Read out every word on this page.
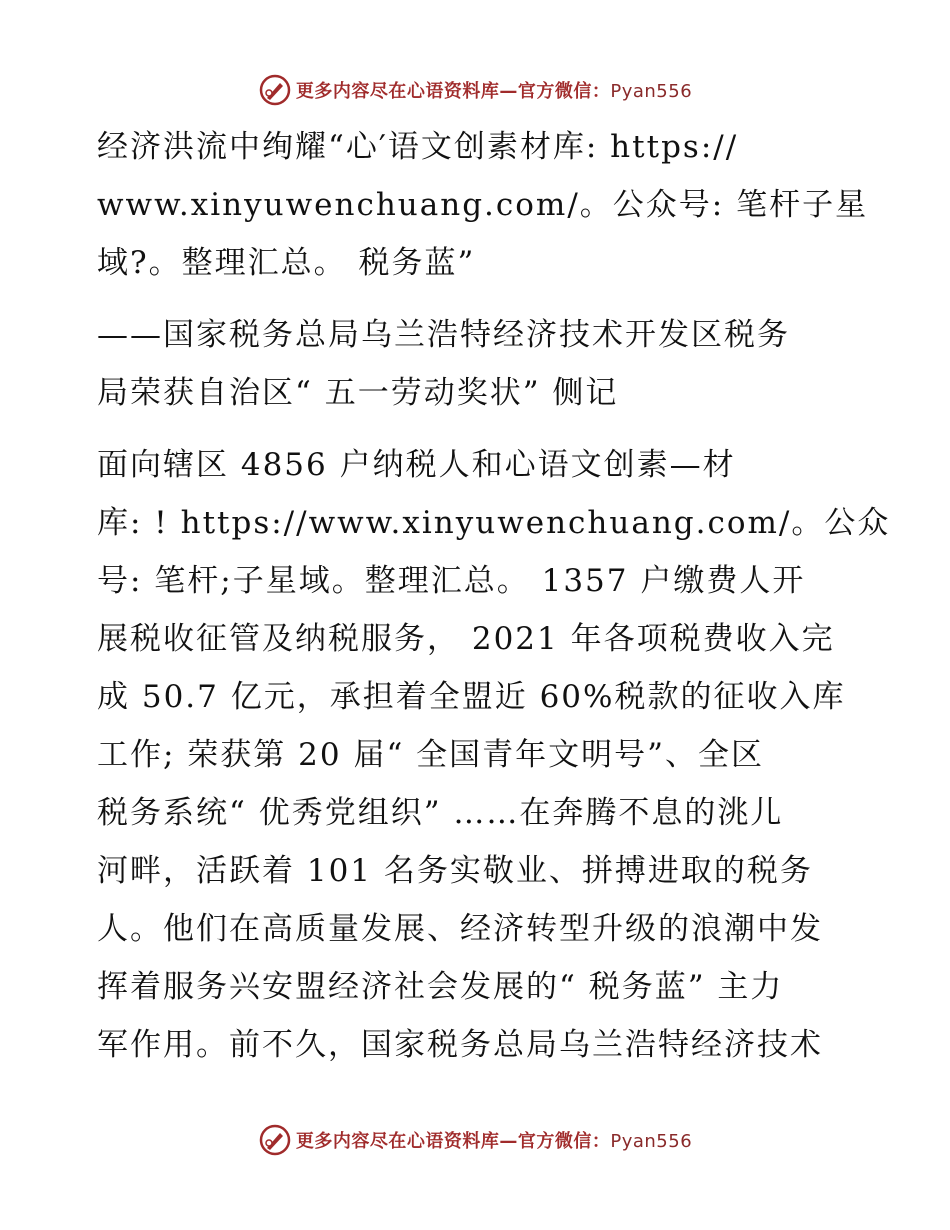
更多内容尽在心语资料库—官方微信：Pyan556
经济洪流中绚耀“心′语文创素材库: https://
www.xinyuwenchuang.com/。公众号: 笔杆子星
域?。整理汇总。 税务蓝”
——国家税务总局乌兰浩特经济技术开发区税务
局荣获自治区“ 五一劳动奖状” 侧记
面向辖区 4856 户纳税人和心语文创素—材
库: ! https://www.xinyuwenchuang.com/。公众
号: 笔杆;子星域。整理汇总。 1357 户缴费人开
展税收征管及纳税服务， 2021 年各项税费收入完
成 50.7 亿元，承担着全盟近 60%税款的征收入库
工作; 荣获第 20 届“ 全国青年文明号”、全区
税务系统“ 优秀党组织” ……在奔腾不息的洮儿
河畔，活跃着 101 名务实敬业、拼搏进取的税务
人。他们在高质量发展、经济转型升级的浪潮中发
挥着服务兴安盟经济社会发展的“ 税务蓝” 主力
军作用。前不久，国家税务总局乌兰浩特经济技术
更多内容尽在心语资料库—官方微信：Pyan556
